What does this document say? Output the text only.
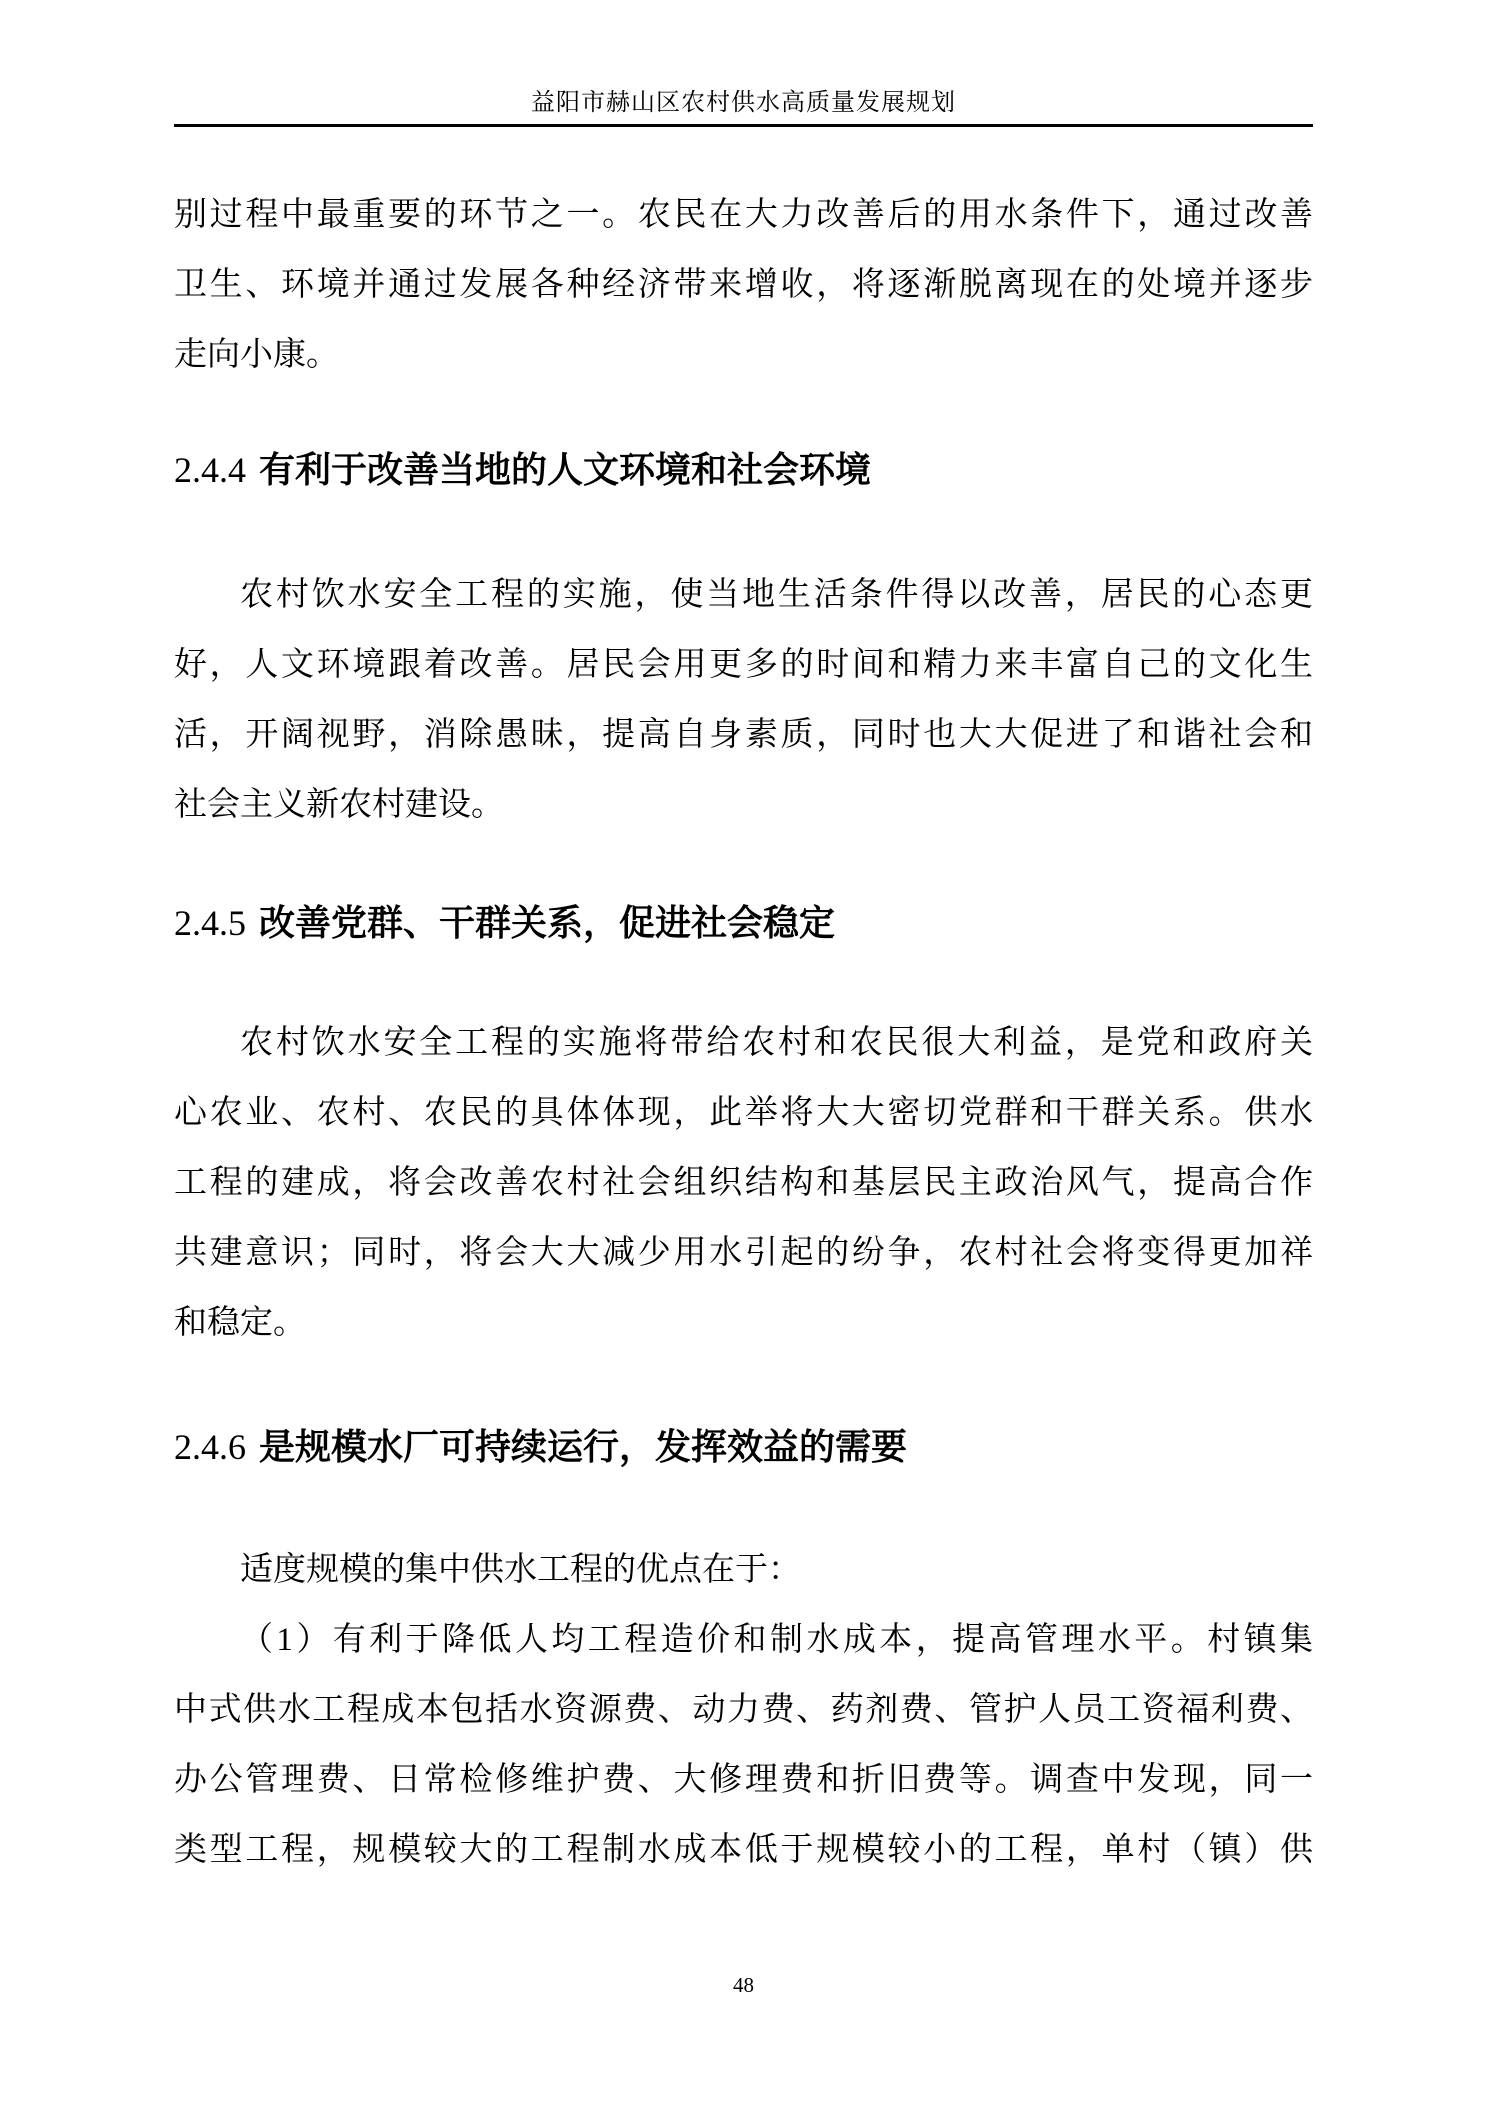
益阳市赫山区农村供水高质量发展规划
别过程中最重要的环节之一。农民在大力改善后的用水条件下，通过改善
卫生、环境并通过发展各种经济带来增收，将逐渐脱离现在的处境并逐步
走向小康。
2.4.4 有利于改善当地的人文环境和社会环境
农村饮水安全工程的实施，使当地生活条件得以改善，居民的心态更
好，人文环境跟着改善。居民会用更多的时间和精力来丰富自己的文化生
活，开阔视野，消除愚昧，提高自身素质，同时也大大促进了和谐社会和
社会主义新农村建设。
2.4.5 改善党群、干群关系，促进社会稳定
农村饮水安全工程的实施将带给农村和农民很大利益，是党和政府关
心农业、农村、农民的具体体现，此举将大大密切党群和干群关系。供水
工程的建成，将会改善农村社会组织结构和基层民主政治风气，提高合作
共建意识；同时，将会大大减少用水引起的纷争，农村社会将变得更加祥
和稳定。
2.4.6 是规模水厂可持续运行，发挥效益的需要
适度规模的集中供水工程的优点在于：
（1）有利于降低人均工程造价和制水成本，提高管理水平。村镇集
中式供水工程成本包括水资源费、动力费、药剂费、管护人员工资福利费、
办公管理费、日常检修维护费、大修理费和折旧费等。调查中发现，同一
类型工程，规模较大的工程制水成本低于规模较小的工程，单村（镇）供
48
